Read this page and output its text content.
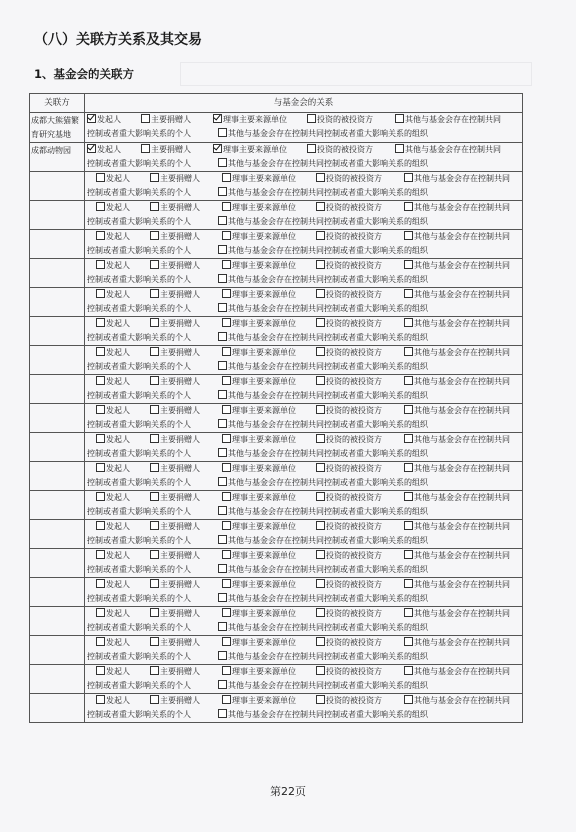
（八）关联方关系及其交易
1、基金会的关联方
关联方	与基金会的关系
成都大熊猫繁育研究基地	发起人 主要捐赠人 理事主要来源单位 投资的被投资方 其他与基金会存在控制共同
控制或者重大影响关系的个人 其他与基金会存在控制共同控制或者重大影响关系的组织

成都动物园	发起人 主要捐赠人 理事主要来源单位 投资的被投资方 其他与基金会存在控制共同
控制或者重大影响关系的个人 其他与基金会存在控制共同控制或者重大影响关系的组织

	发起人 主要捐赠人 理事主要来源单位 投资的被投资方 其他与基金会存在控制共同
控制或者重大影响关系的个人 其他与基金会存在控制共同控制或者重大影响关系的组织

	发起人 主要捐赠人 理事主要来源单位 投资的被投资方 其他与基金会存在控制共同
控制或者重大影响关系的个人 其他与基金会存在控制共同控制或者重大影响关系的组织

	发起人 主要捐赠人 理事主要来源单位 投资的被投资方 其他与基金会存在控制共同
控制或者重大影响关系的个人 其他与基金会存在控制共同控制或者重大影响关系的组织

	发起人 主要捐赠人 理事主要来源单位 投资的被投资方 其他与基金会存在控制共同
控制或者重大影响关系的个人 其他与基金会存在控制共同控制或者重大影响关系的组织

	发起人 主要捐赠人 理事主要来源单位 投资的被投资方 其他与基金会存在控制共同
控制或者重大影响关系的个人 其他与基金会存在控制共同控制或者重大影响关系的组织

	发起人 主要捐赠人 理事主要来源单位 投资的被投资方 其他与基金会存在控制共同
控制或者重大影响关系的个人 其他与基金会存在控制共同控制或者重大影响关系的组织

	发起人 主要捐赠人 理事主要来源单位 投资的被投资方 其他与基金会存在控制共同
控制或者重大影响关系的个人 其他与基金会存在控制共同控制或者重大影响关系的组织

	发起人 主要捐赠人 理事主要来源单位 投资的被投资方 其他与基金会存在控制共同
控制或者重大影响关系的个人 其他与基金会存在控制共同控制或者重大影响关系的组织

	发起人 主要捐赠人 理事主要来源单位 投资的被投资方 其他与基金会存在控制共同
控制或者重大影响关系的个人 其他与基金会存在控制共同控制或者重大影响关系的组织

	发起人 主要捐赠人 理事主要来源单位 投资的被投资方 其他与基金会存在控制共同
控制或者重大影响关系的个人 其他与基金会存在控制共同控制或者重大影响关系的组织

	发起人 主要捐赠人 理事主要来源单位 投资的被投资方 其他与基金会存在控制共同
控制或者重大影响关系的个人 其他与基金会存在控制共同控制或者重大影响关系的组织

	发起人 主要捐赠人 理事主要来源单位 投资的被投资方 其他与基金会存在控制共同
控制或者重大影响关系的个人 其他与基金会存在控制共同控制或者重大影响关系的组织

	发起人 主要捐赠人 理事主要来源单位 投资的被投资方 其他与基金会存在控制共同
控制或者重大影响关系的个人 其他与基金会存在控制共同控制或者重大影响关系的组织

	发起人 主要捐赠人 理事主要来源单位 投资的被投资方 其他与基金会存在控制共同
控制或者重大影响关系的个人 其他与基金会存在控制共同控制或者重大影响关系的组织

	发起人 主要捐赠人 理事主要来源单位 投资的被投资方 其他与基金会存在控制共同
控制或者重大影响关系的个人 其他与基金会存在控制共同控制或者重大影响关系的组织

	发起人 主要捐赠人 理事主要来源单位 投资的被投资方 其他与基金会存在控制共同
控制或者重大影响关系的个人 其他与基金会存在控制共同控制或者重大影响关系的组织

	发起人 主要捐赠人 理事主要来源单位 投资的被投资方 其他与基金会存在控制共同
控制或者重大影响关系的个人 其他与基金会存在控制共同控制或者重大影响关系的组织

	发起人 主要捐赠人 理事主要来源单位 投资的被投资方 其他与基金会存在控制共同
控制或者重大影响关系的个人 其他与基金会存在控制共同控制或者重大影响关系的组织

	发起人 主要捐赠人 理事主要来源单位 投资的被投资方 其他与基金会存在控制共同
控制或者重大影响关系的个人 其他与基金会存在控制共同控制或者重大影响关系的组织
第22页
